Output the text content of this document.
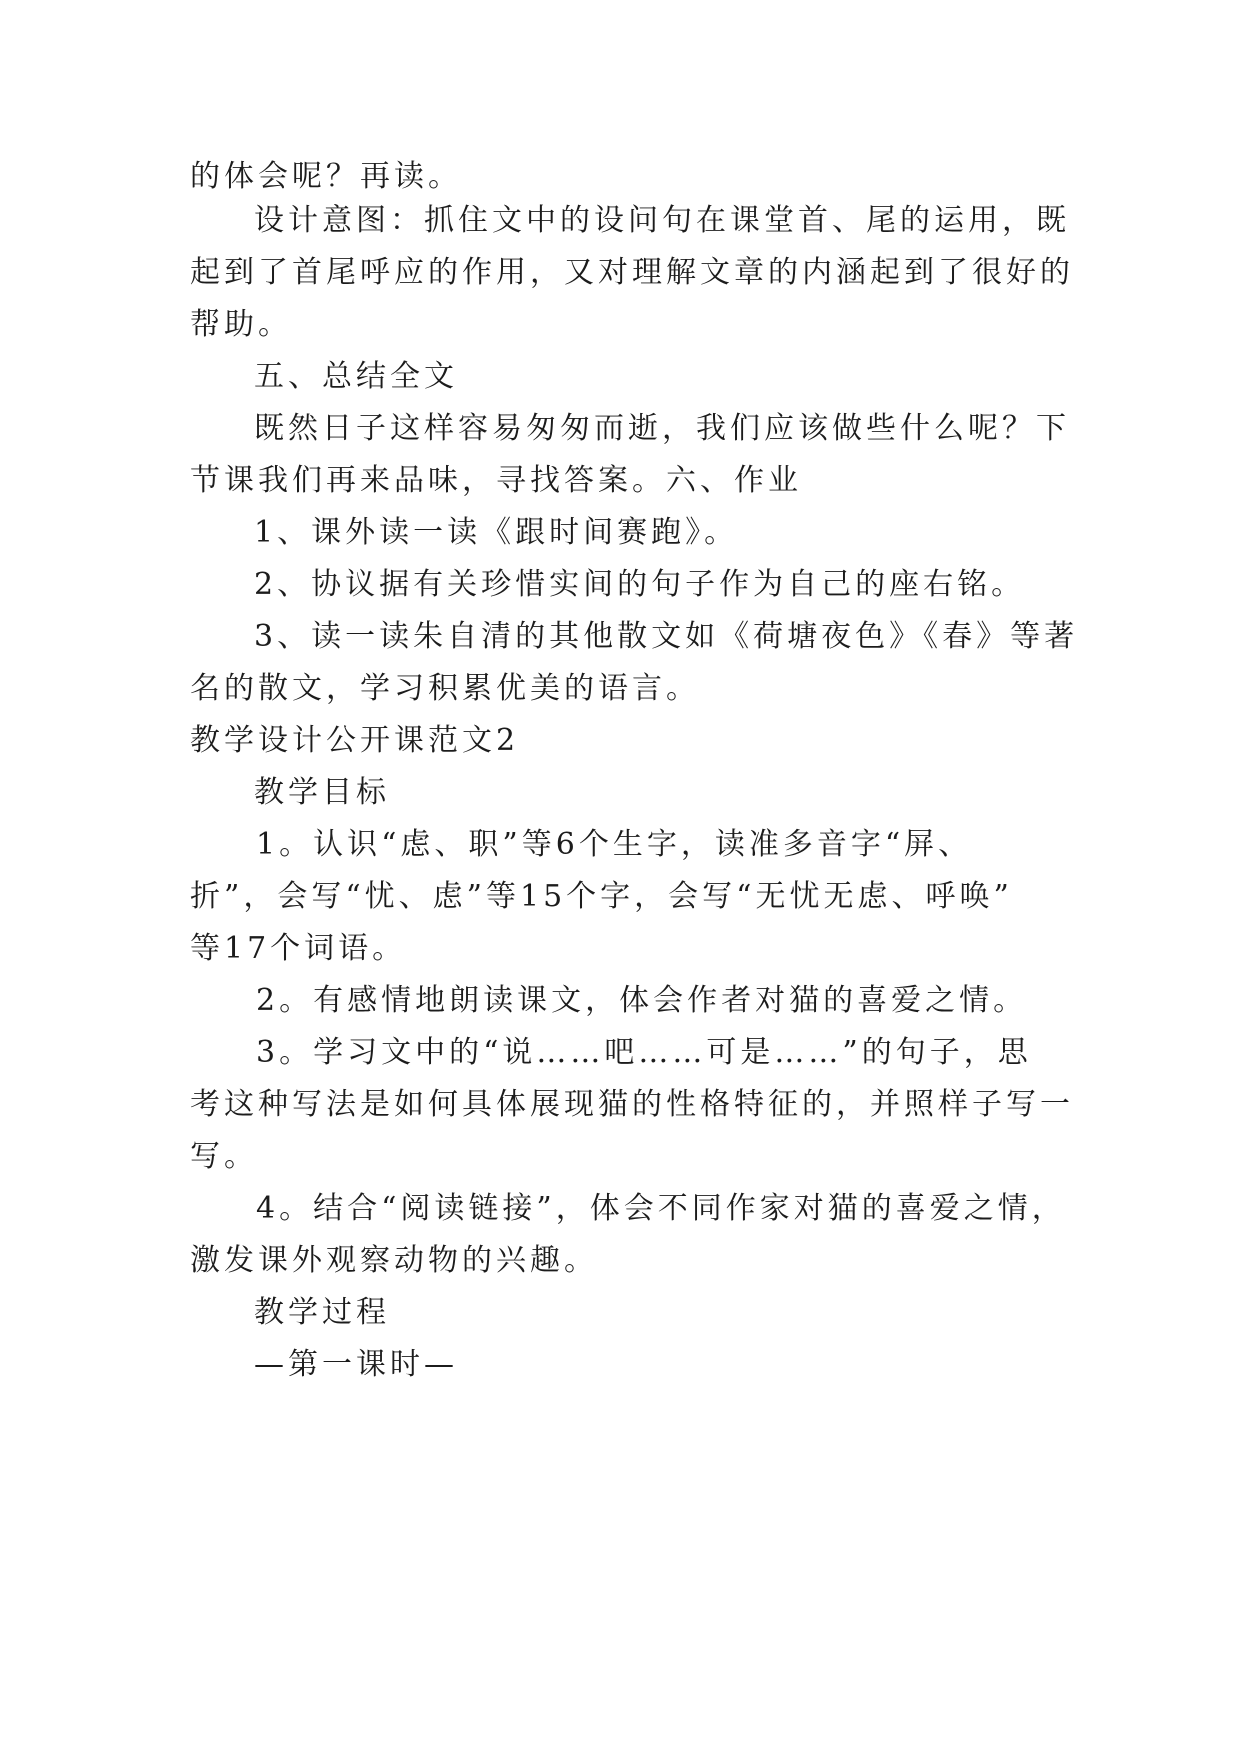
的体会呢？再读。
设计意图：抓住文中的设问句在课堂首、尾的运用，既
起到了首尾呼应的作用，又对理解文章的内涵起到了很好的
帮助。
五、总结全文
既然日子这样容易匆匆而逝，我们应该做些什么呢？下
节课我们再来品味，寻找答案。六、作业
1、课外读一读《跟时间赛跑》。
2、协议据有关珍惜实间的句子作为自己的座右铭。
3、读一读朱自清的其他散文如《荷塘夜色》《春》等著
名的散文，学习积累优美的语言。
教学设计公开课范文2
教学目标
1。认识“虑、职”等6个生字，读准多音字“屏、
折”，会写“忧、虑”等15个字，会写“无忧无虑、呼唤”
等17个词语。
2。有感情地朗读课文，体会作者对猫的喜爱之情。
3。学习文中的“说……吧……可是……”的句子，思
考这种写法是如何具体展现猫的性格特征的，并照样子写一
写。
4。结合“阅读链接”，体会不同作家对猫的喜爱之情，
激发课外观察动物的兴趣。
教学过程
—第一课时—
